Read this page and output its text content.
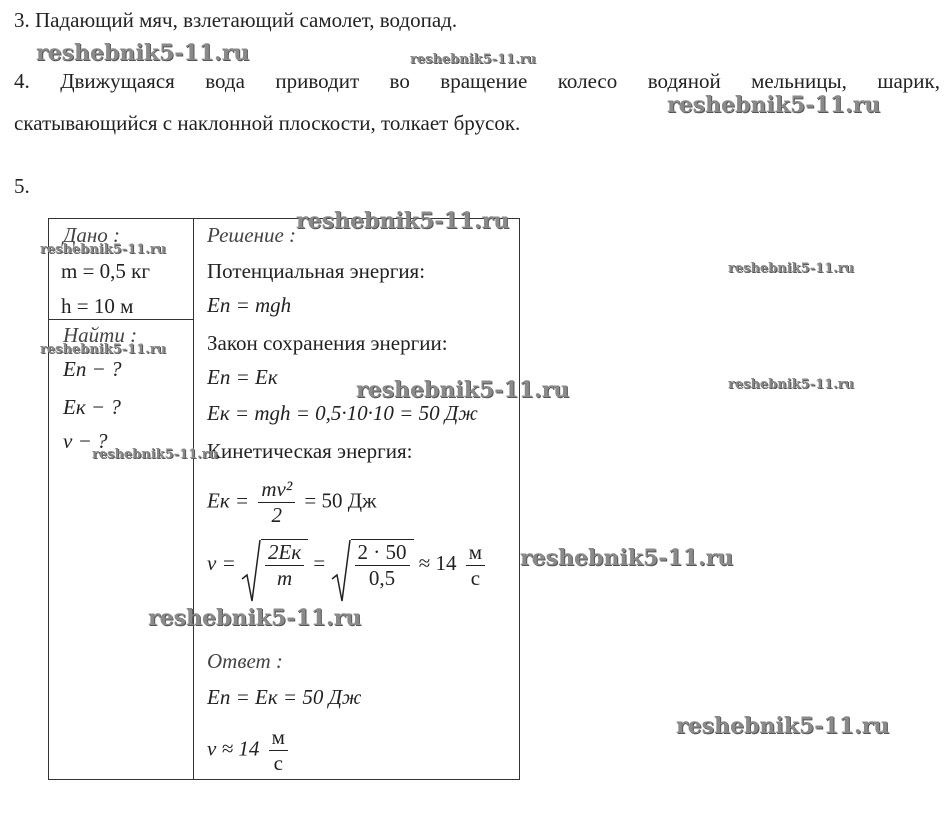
3. Падающий мяч, взлетающий самолет, водопад.
4. Движущаяся вода приводит во вращение колесо водяной мельницы, шарик,
скатывающийся с наклонной плоскости, толкает брусок.
5.
Дано :
m = 0,5 кг
h = 10 м
Найти :
Eп − ?
Eк − ?
v − ?
Решение :
Потенциальная энергия:
Eп = mgh
Закон сохранения энергии:
Eп = Eк
Eк = mgh = 0,5·10·10 = 50 Дж
Кинетическая энергия:
Eк = $\frac{\text{mv²}}{2} = 50$ Дж
$v = \frac{2Eк}{m} = \frac{2 \cdot 50}{0,5} \approx 14 \frac{м}{с}$
Ответ :
Eп = Eк = 50 Дж
$v \approx 14 \frac{м}{с}$
reshebnik5-11.ru	reshebnik5-11.ru
reshebnik5-11.ru
reshebnik5-11.ru
reshebnik5-11.ru
reshebnik5-11.ru
reshebnik5-11.ru
reshebnik5-11.ru	reshebnik5-11.ru
reshebnik5-11.ru
reshebnik5-11.ru
reshebnik5-11.ru
reshebnik5-11.ru
